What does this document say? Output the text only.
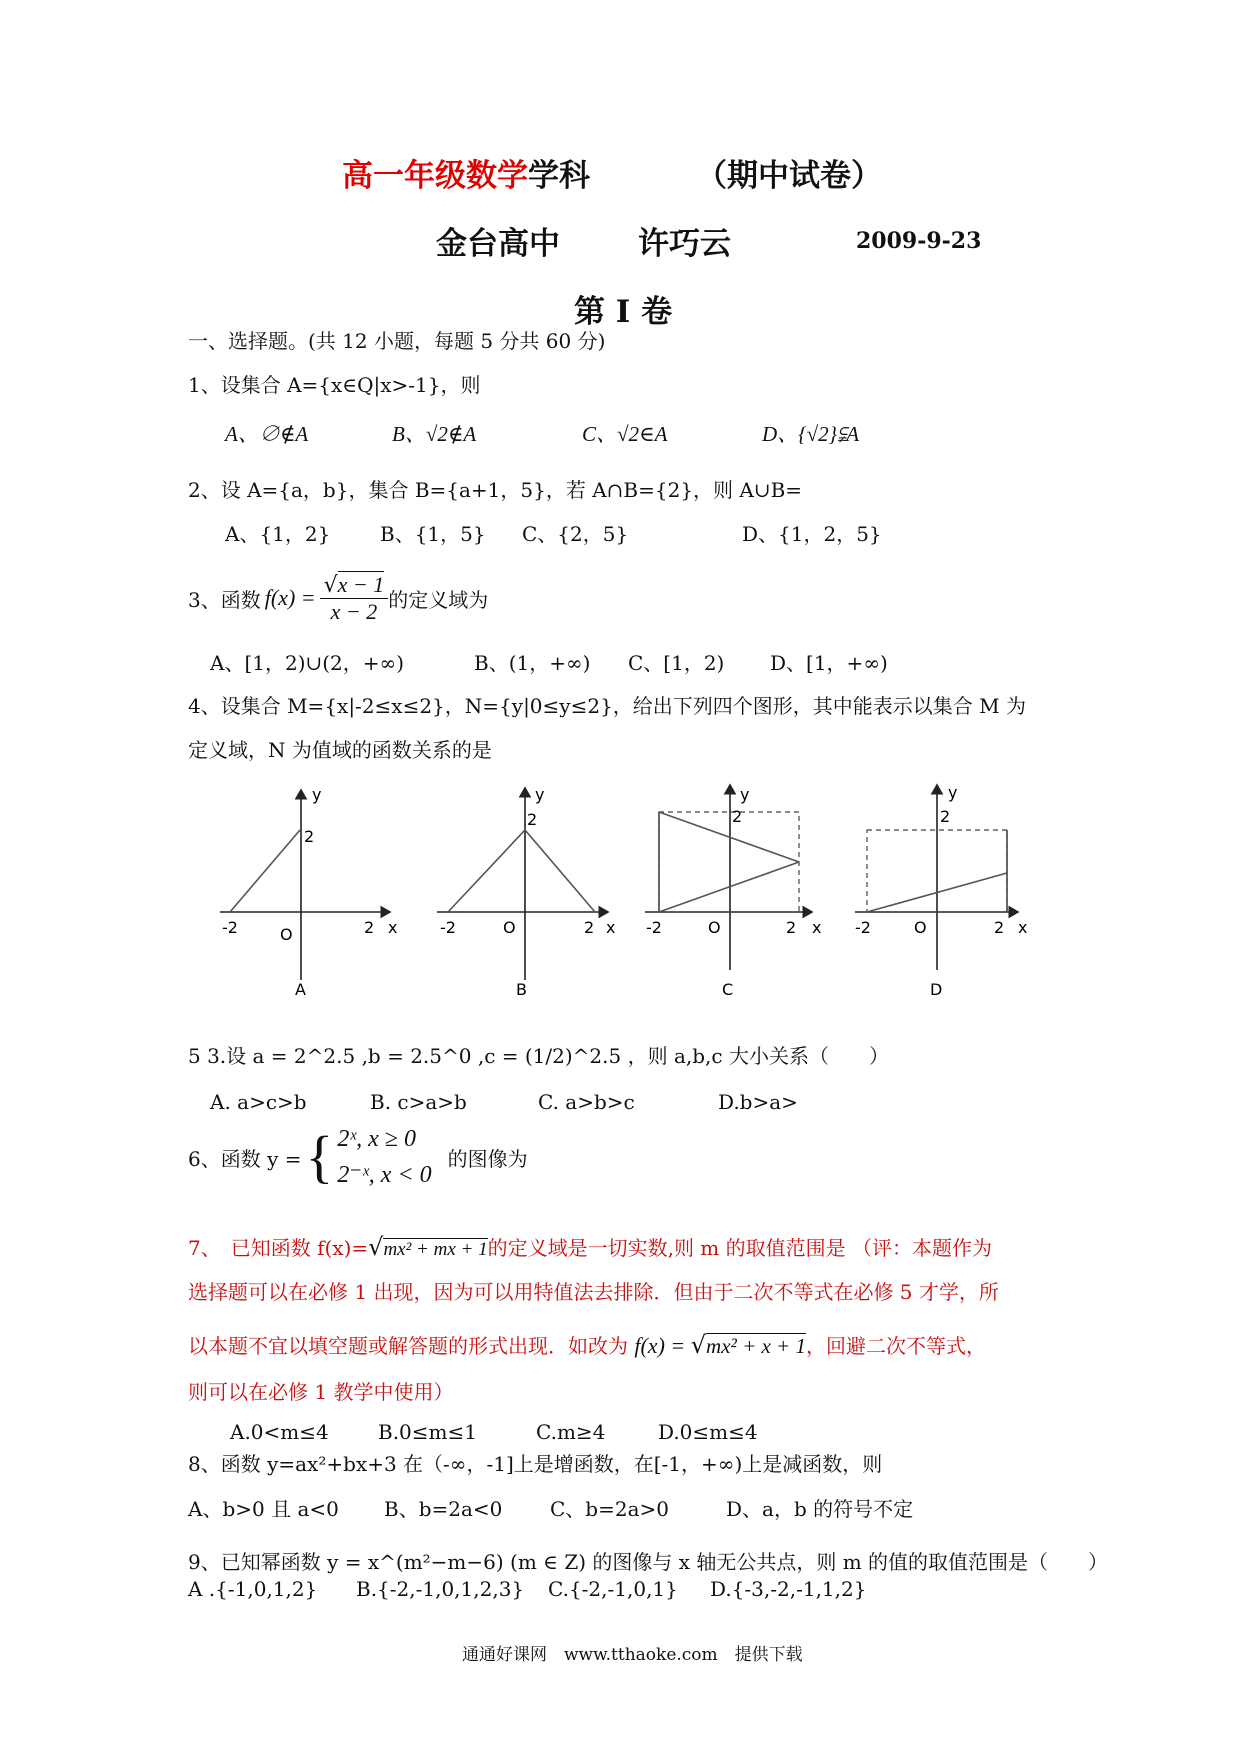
高一年级数学学科	（期中试卷）
金台高中	许巧云	2009-9-23
第 I 卷
一、选择题。(共 12 小题，每题 5 分共 60 分)
1、设集合 A={x∈Q|x>-1}，则
A、∅∉A	B、√2∉A	C、√2∈A	D、{√2}⫋A
2、设 A={a，b}，集合 B={a+1，5}，若 A∩B={2}，则 A∪B=
A、{1，2} B、{1，5} C、{2，5}	D、{1，2，5}
3、函数 $f(x) = \frac{√x - 1}{x - 2}$ 的定义域为
A、[1，2)∪(2，+∞)	B、(1，+∞) C、[1，2) D、[1，+∞)
4、设集合 M={x|-2≤x≤2}，N={y|0≤y≤2}，给出下列四个图形，其中能表示以集合 M 为
定义域，N 为值域的函数关系的是
y
x
2
-2	O	2
A
y
x
2
-2	O	2
B
y
x
2
-2	O	2
C
y
x
2
-2	O	2
D
5 3.设 a = 2^2.5 ,b = 2.5^0 ,c = (1/2)^2.5 ，则 a,b,c 大小关系（　　）
A. a>c>b	B. c>a>b	C. a>b>c	D.b>a>
6、函数 y = { 2ˣ, x ≥ 0
2⁻ˣ, x < 0
的图像为
7、　已知函数 f(x)=√mx² + mx + 1的定义域是一切实数,则 m 的取值范围是 （评：本题作为
选择题可以在必修 1 出现，因为可以用特值法去排除．但由于二次不等式在必修 5 才学，所
以本题不宜以填空题或解答题的形式出现．如改为 f(x) = √mx² + x + 1，回避二次不等式，
则可以在必修 1 教学中使用）
A.0<m≤4 B.0≤m≤1	C.m≥4	D.0≤m≤4
8、函数 y=ax²+bx+3 在（-∞，-1]上是增函数，在[-1，+∞)上是减函数，则
A、b>0 且 a<0 B、b=2a<0 C、b=2a>0	D、a，b 的符号不定
9、已知幂函数 y = x^(m²−m−6) (m ∈ Z) 的图像与 x 轴无公共点，则 m 的值的取值范围是（　　）
A .{-1,0,1,2} B.{-2,-1,0,1,2,3} C.{-2,-1,0,1} D.{-3,-2,-1,1,2}
通通好课网　www.tthaoke.com　提供下载
